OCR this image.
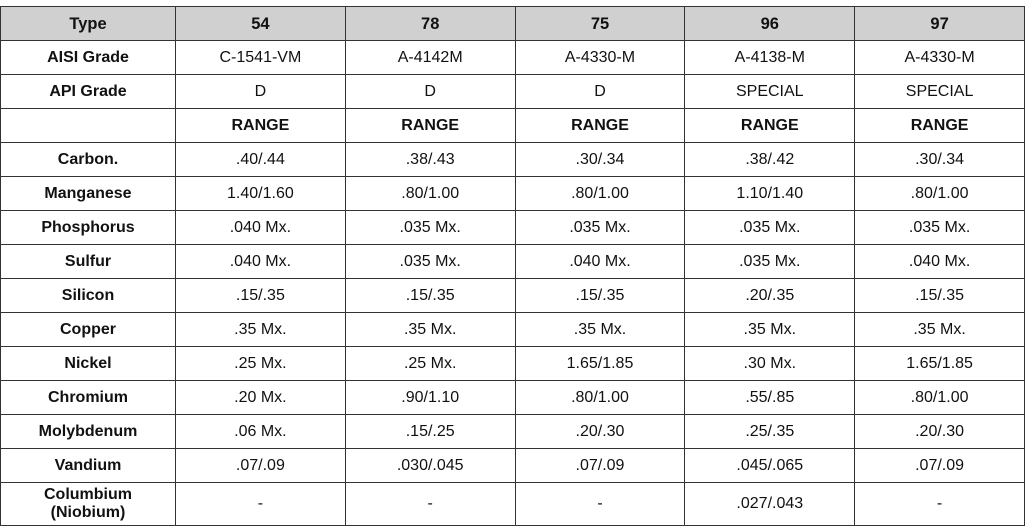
Type	54	78	75	96	97
AISI Grade	C-1541-VM	A-4142M	A-4330-M	A-4138-M	A-4330-M
API Grade	D	D	D	SPECIAL	SPECIAL
	RANGE	RANGE	RANGE	RANGE	RANGE
Carbon.	.40/.44	.38/.43	.30/.34	.38/.42	.30/.34
Manganese	1.40/1.60	.80/1.00	.80/1.00	1.10/1.40	.80/1.00
Phosphorus	.040 Mx.	.035 Mx.	.035 Mx.	.035 Mx.	.035 Mx.
Sulfur	.040 Mx.	.035 Mx.	.040 Mx.	.035 Mx.	.040 Mx.
Silicon	.15/.35	.15/.35	.15/.35	.20/.35	.15/.35
Copper	.35 Mx.	.35 Mx.	.35 Mx.	.35 Mx.	.35 Mx.
Nickel	.25 Mx.	.25 Mx.	1.65/1.85	.30 Mx.	1.65/1.85
Chromium	.20 Mx.	.90/1.10	.80/1.00	.55/.85	.80/1.00
Molybdenum	.06 Mx.	.15/.25	.20/.30	.25/.35	.20/.30
Vandium	.07/.09	.030/.045	.07/.09	.045/.065	.07/.09
Columbium
(Niobium)	-	-	-	.027/.043	-
